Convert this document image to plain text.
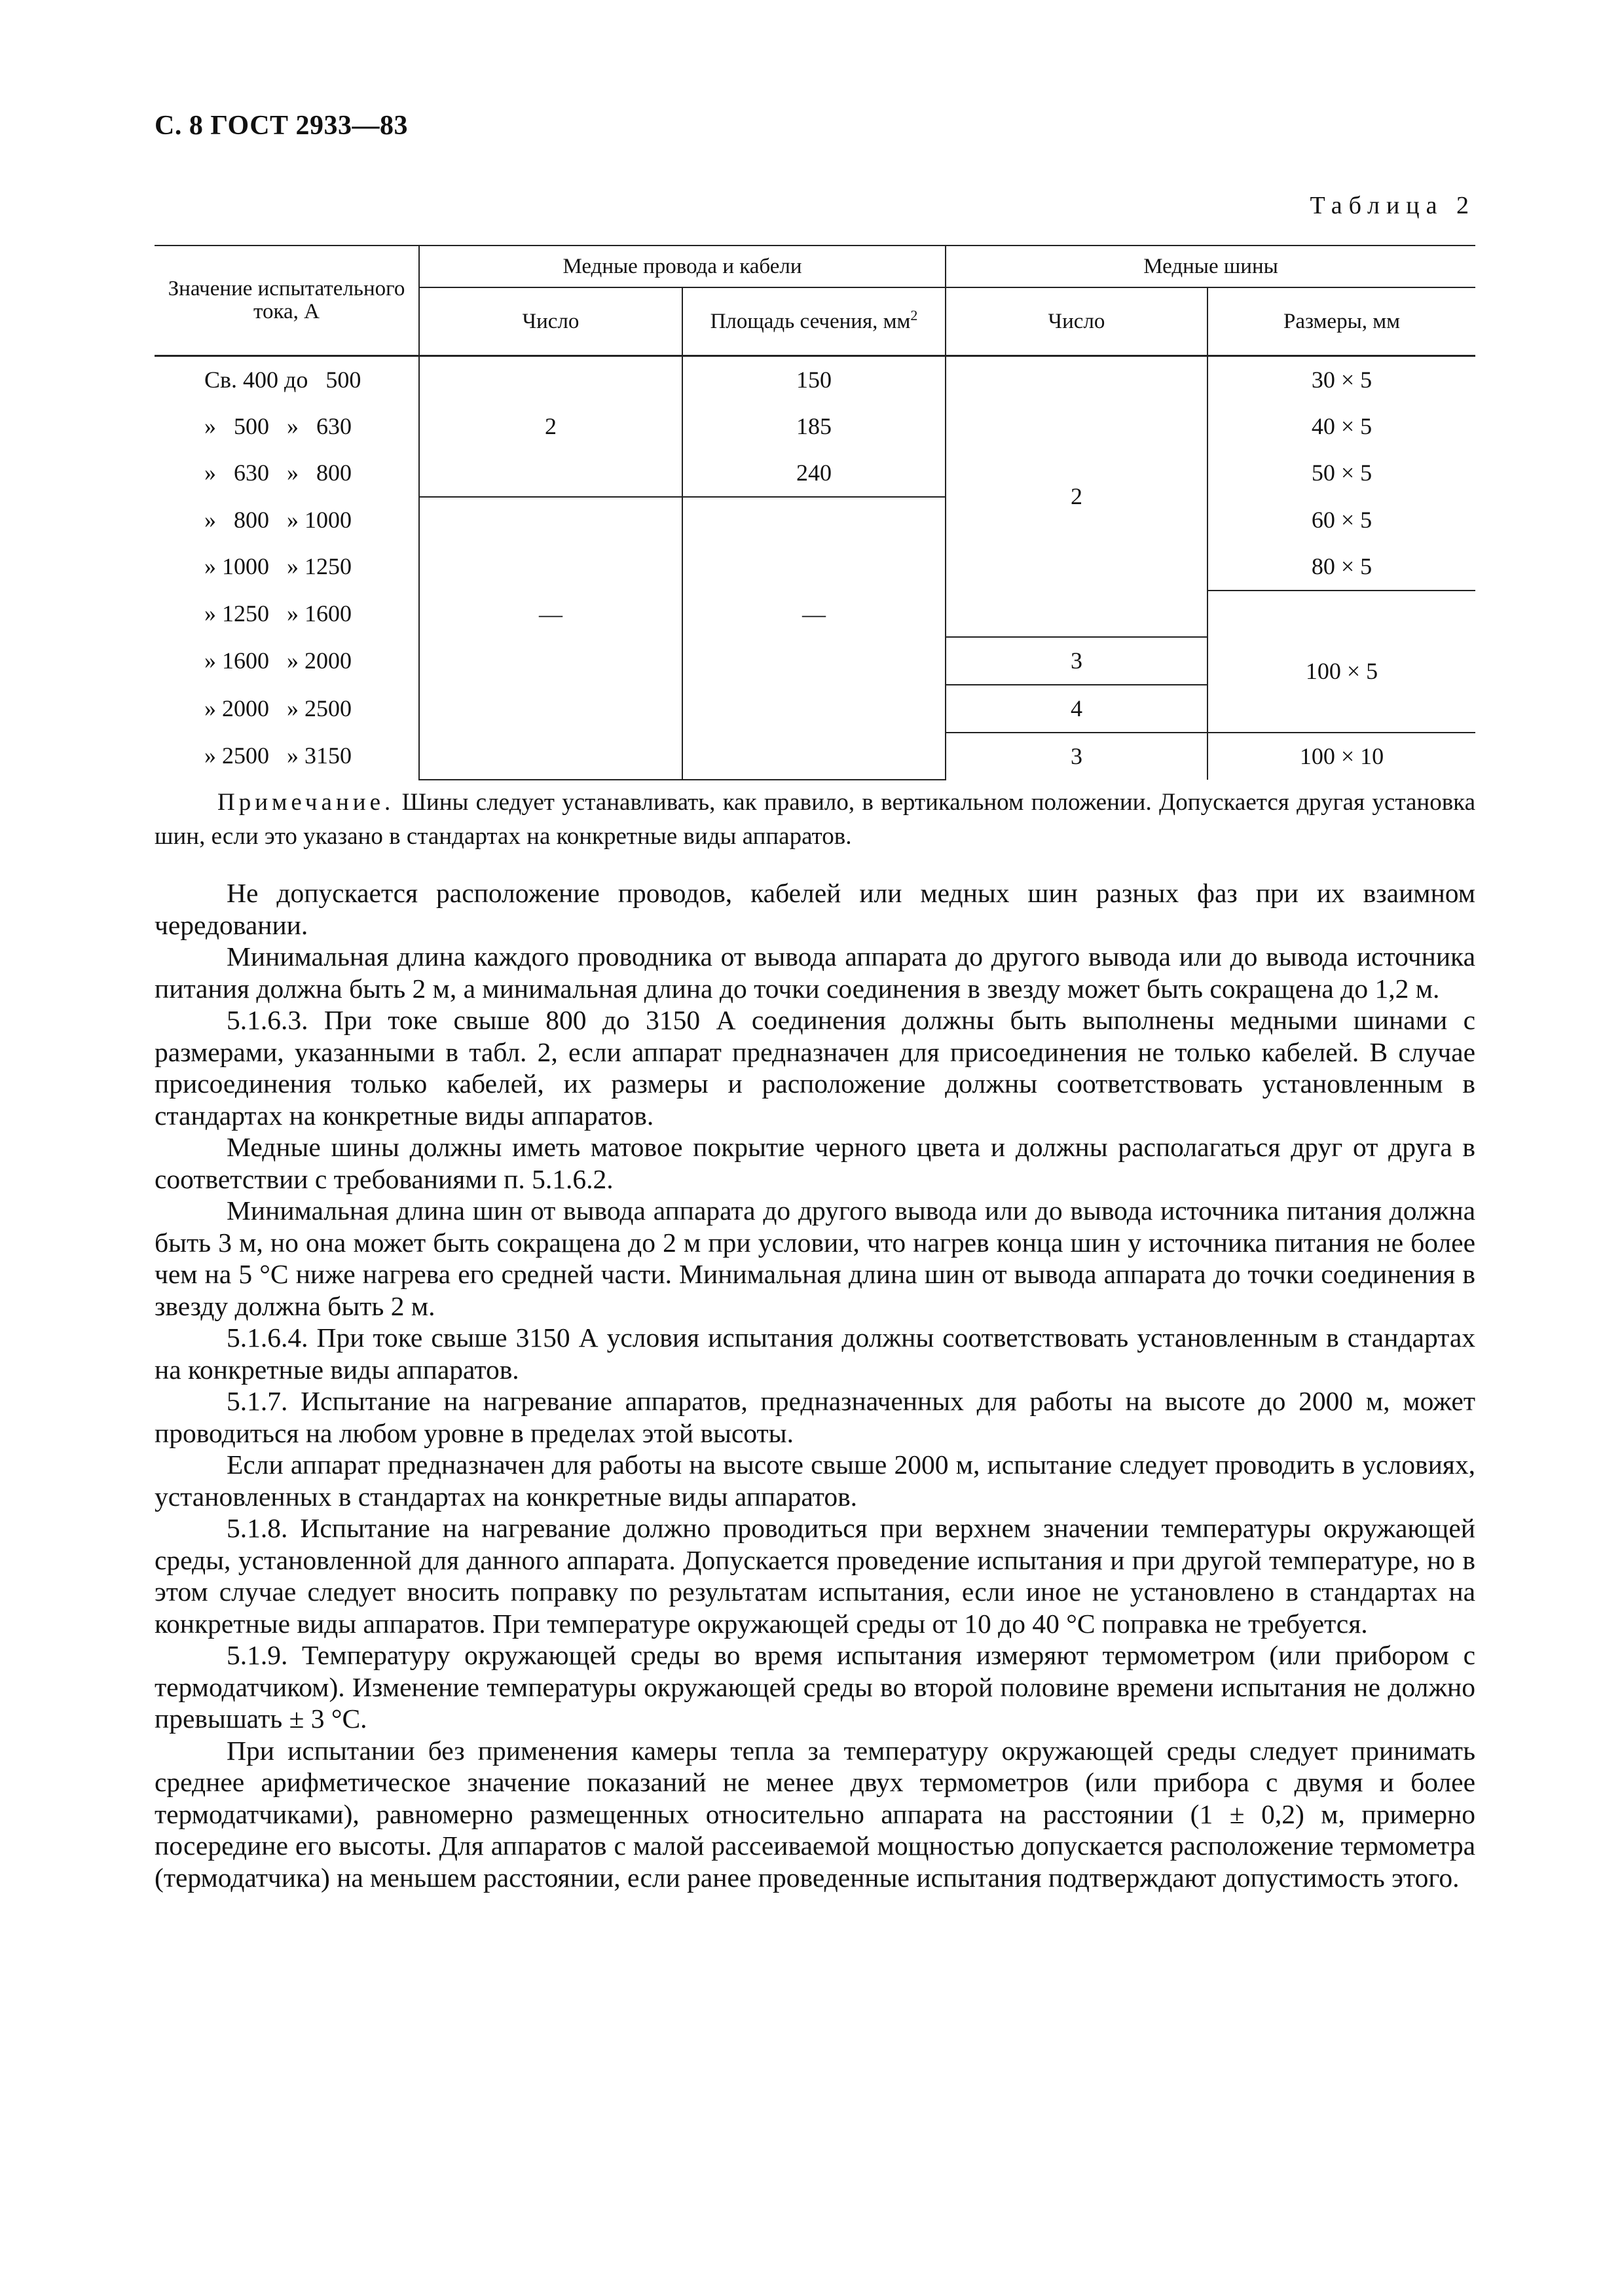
С. 8 ГОСТ 2933—83
Таблица 2
Значение испытательного тока, А	Медные провода и кабели		Медные шины	
	Число	Площадь сечения, $мм^2$	Число	Размеры, мм
Св. 400 до   500	2	150	2	30 × 5
»   500   »   630		185		40 × 5
»   630   »   800		240		50 × 5
»   800   » 1000	—	—		60 × 5
» 1000   » 1250				80 × 5
» 1250   » 1600				100 × 5
» 1600   » 2000			3	
» 2000   » 2500			4	
» 2500   » 3150			3	100 × 10
Примечание. Шины следует устанавливать, как правило, в вертикальном положении. Допускается другая установка шин, если это указано в стандартах на конкретные виды аппаратов.

Не допускается расположение проводов, кабелей или медных шин разных фаз при их взаимном чередовании.

Минимальная длина каждого проводника от вывода аппарата до другого вывода или до вывода источника питания должна быть 2 м, а минимальная длина до точки соединения в звезду может быть сокращена до 1,2 м.

5.1.6.3. При токе свыше 800 до 3150 А соединения должны быть выполнены медными шинами с размерами, указанными в табл. 2, если аппарат предназначен для присоединения не только кабелей. В случае присоединения только кабелей, их размеры и расположение должны соответствовать установленным в стандартах на конкретные виды аппаратов.

Медные шины должны иметь матовое покрытие черного цвета и должны располагаться друг от друга в соответствии с требованиями п. 5.1.6.2.

Минимальная длина шин от вывода аппарата до другого вывода или до вывода источника питания должна быть 3 м, но она может быть сокращена до 2 м при условии, что нагрев конца шин у источника питания не более чем на 5 °С ниже нагрева его средней части. Минимальная длина шин от вывода аппарата до точки соединения в звезду должна быть 2 м.

5.1.6.4. При токе свыше 3150 А условия испытания должны соответствовать установленным в стандартах на конкретные виды аппаратов.

5.1.7. Испытание на нагревание аппаратов, предназначенных для работы на высоте до 2000 м, может проводиться на любом уровне в пределах этой высоты.

Если аппарат предназначен для работы на высоте свыше 2000 м, испытание следует проводить в условиях, установленных в стандартах на конкретные виды аппаратов.

5.1.8. Испытание на нагревание должно проводиться при верхнем значении температуры окружающей среды, установленной для данного аппарата. Допускается проведение испытания и при другой температуре, но в этом случае следует вносить поправку по результатам испытания, если иное не установлено в стандартах на конкретные виды аппаратов. При температуре окружающей среды от 10 до 40 °С поправка не требуется.

5.1.9. Температуру окружающей среды во время испытания измеряют термометром (или прибором с термодатчиком). Изменение температуры окружающей среды во второй половине времени испытания не должно превышать ± 3 °С.

При испытании без применения камеры тепла за температуру окружающей среды следует принимать среднее арифметическое значение показаний не менее двух термометров (или прибора с двумя и более термодатчиками), равномерно размещенных относительно аппарата на расстоянии (1 ± 0,2) м, примерно посередине его высоты. Для аппаратов с малой рассеиваемой мощностью допускается расположение термометра (термодатчика) на меньшем расстоянии, если ранее проведенные испытания подтверждают допустимость этого.
